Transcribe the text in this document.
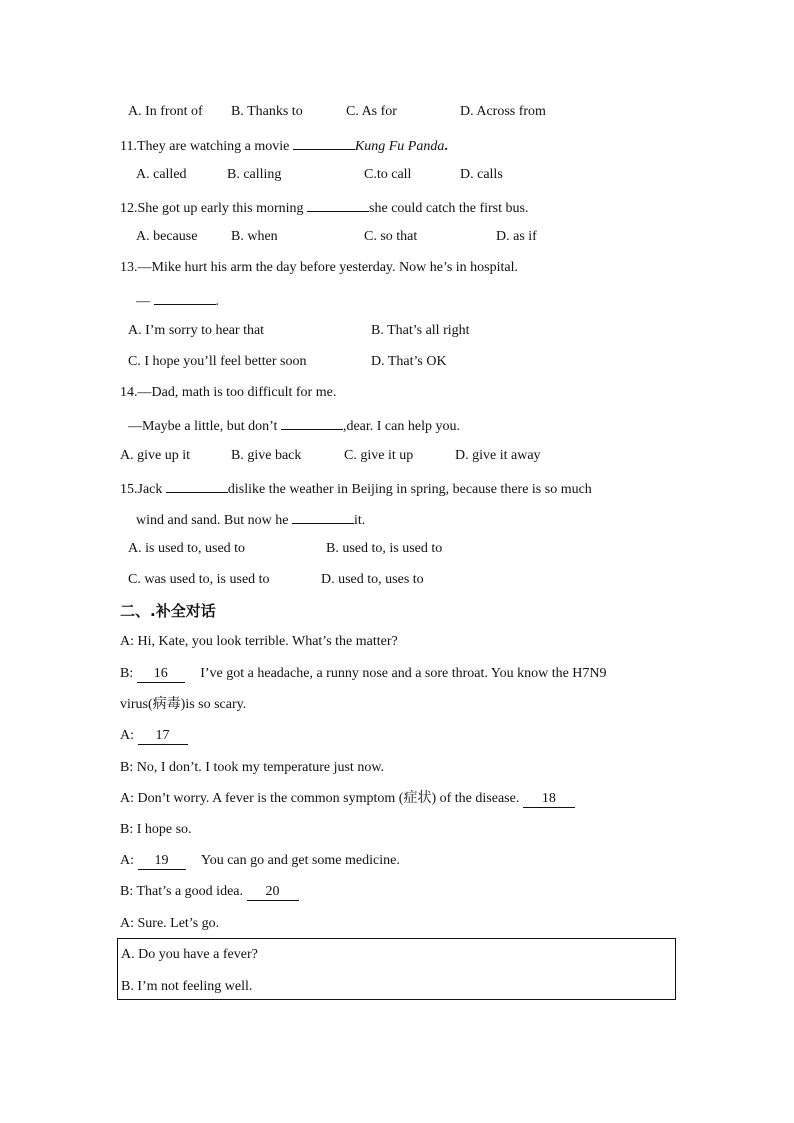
A. In front of B. Thanks to	C. As for	D. Across from
11.They are watching a movie	Kung Fu Panda.
A. called	B. calling	C.to call	D. calls
12.She got up early this morning	she could catch the first bus.
A. because B. when	C. so that	D. as if
13.—Mike hurt his arm the day before yesterday. Now he’s in hospital.
—	.
A. I’m sorry to hear that	B. That’s all right
C. I hope you’ll feel better soon	D. That’s OK
14.—Dad, math is too difficult for me.
—Maybe a little, but don’t	,dear. I can help you.
A. give up it	B. give back	C. give it up	D. give it away
15.Jack	dislike the weather in Beijing in spring, because there is so much
wind and sand. But now he	it.
A. is used to, used to	B. used to, is used to
C. was used to, is used to	D. used to, uses to
二、.补全对话
A: Hi, Kate, you look terrible. What’s the matter?
B: 16 I’ve got a headache, a runny nose and a sore throat. You know the H7N9
virus(病毒)is so scary.
A: 17
B: No, I don’t. I took my temperature just now.
A: Don’t worry. A fever is the common symptom (症状) of the disease. 18
B: I hope so.
A: 19 You can go and get some medicine.
B: That’s a good idea. 20
A: Sure. Let’s go.
A. Do you have a fever?
B. I’m not feeling well.
